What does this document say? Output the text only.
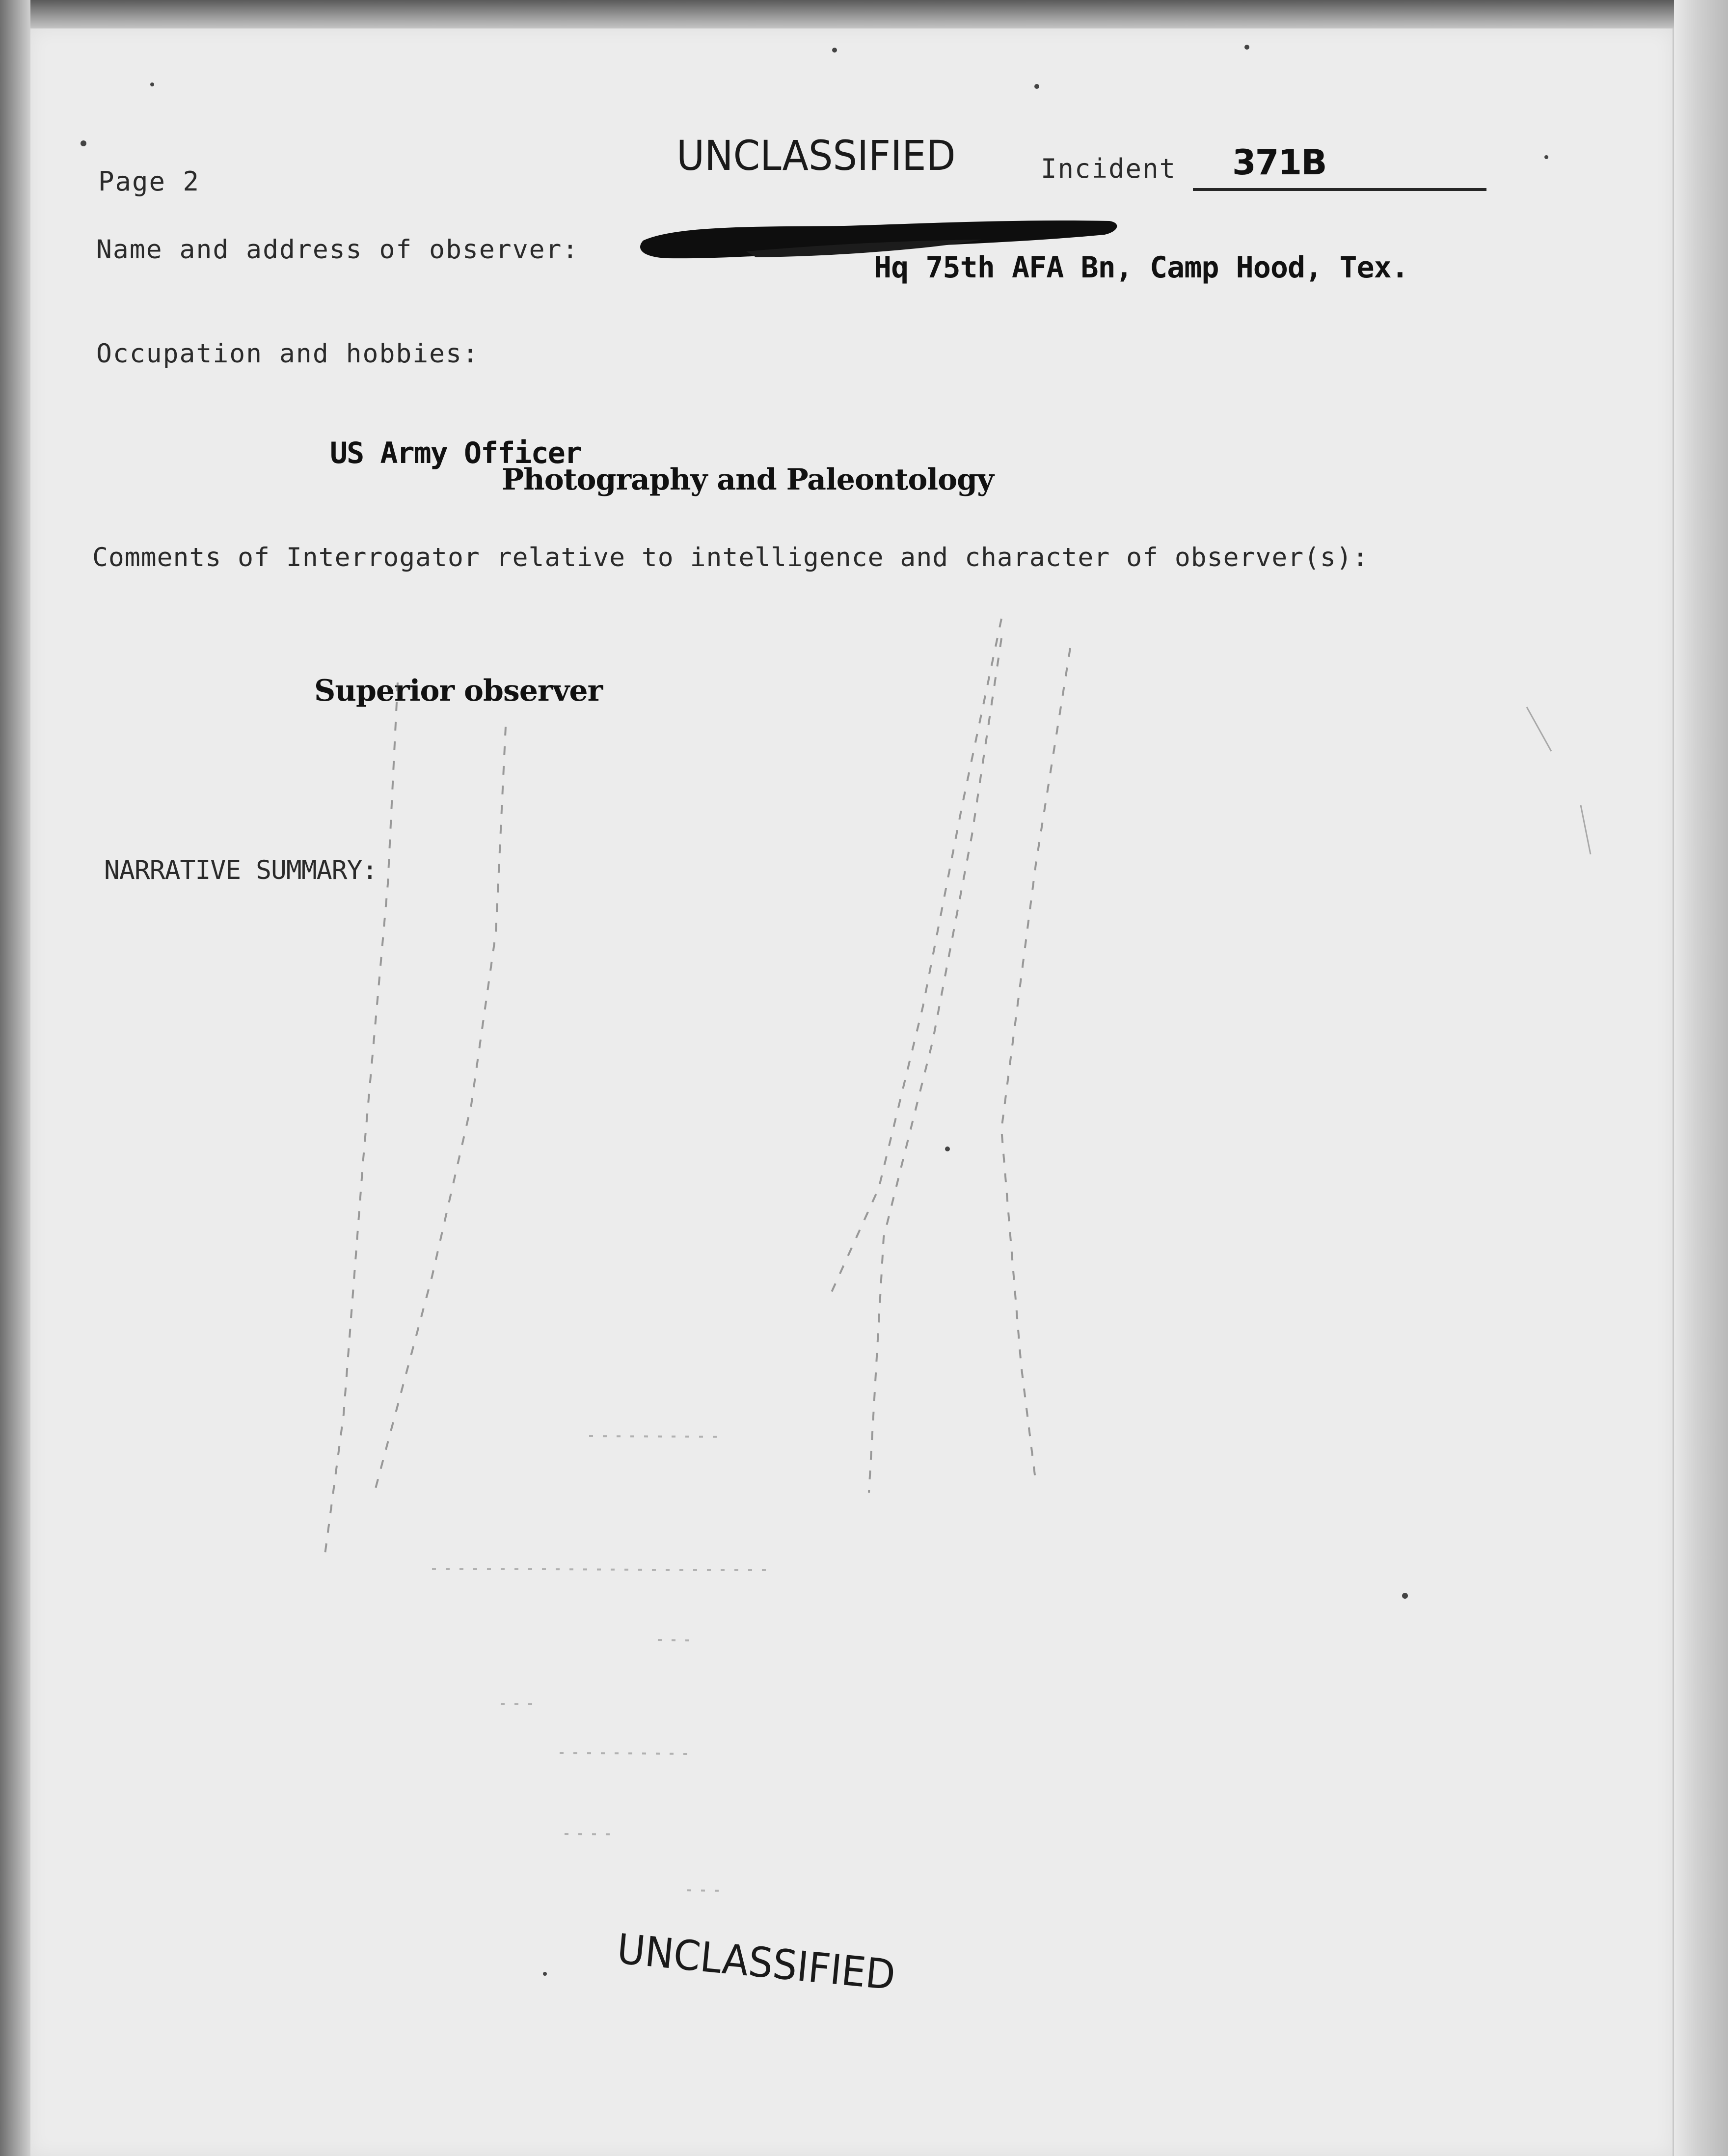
Page 2
UNCLASSIFIED	Incident 371B
Name and address of observer:
Hq 75th AFA Bn, Camp Hood, Tex.
Occupation and hobbies:
US Army Officer
Photography and Paleontology
Comments of Interrogator relative to intelligence and character of observer(s):
Superior observer
NARRATIVE SUMMARY:
UNCLASSIFIED
